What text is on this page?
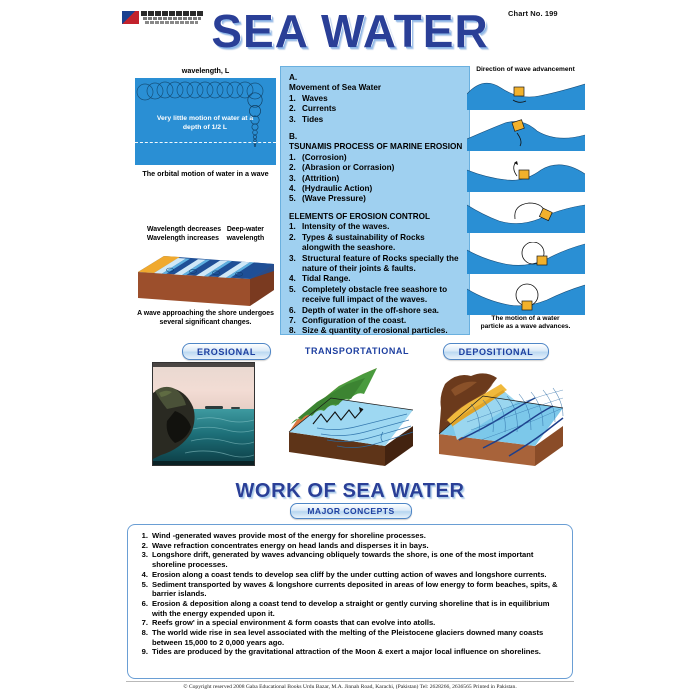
Chart No. 199
SEA WATER
wavelength, L
Very little motion of water at a depth of 1/2 L
The orbital motion of water in a wave
Wavelength decreases Deep-water
Wavelength increases wavelength
A wave approaching the shore undergoes
several significant changes.
A.
Movement of Sea Water
1. Waves
2. Currents
3. Tides
B.
TSUNAMIS PROCESS OF MARINE EROSION
1. (Corrosion)
2. (Abrasion or Corrasion)
3. (Attrition)
4. (Hydraulic Action)
5. (Wave Pressure)
ELEMENTS OF EROSION CONTROL
1. Intensity of the waves.
2. Types & sustainability of Rocks alongwith the seashore.
3. Structural feature of Rocks specially the nature of their joints & faults.
4. Tidal Range.
5. Completely obstacle free seashore to receive full impact of the waves.
6. Depth of water in the off-shore sea.
7. Configuration of the coast.
8. Size & quantity of erosional particles.
Direction of wave advancement
The motion of a water
particle as a wave advances.
EROSIONAL	TRANSPORTATIONAL	DEPOSITIONAL
WORK OF SEA WATER
MAJOR CONCEPTS
1. Wind -generated waves provide most of the energy for shoreline processes.
2. Wave refraction concentrates energy on head lands and disperses it in bays.
3. Longshore drift, generated by waves advancing obliquely towards the shore, is one of the most important shoreline processes.
4. Erosion along a coast tends to develop sea cliff by the under cutting action of waves and longshore currents.
5. Sediment transported by waves & longshore currents deposited in areas of low energy to form beaches, spits, & barrier islands.
6. Erosion & deposition along a coast tend to develop a straight or gently curving shoreline that is in equilibrium with the energy expended upon it.
7. Reefs grow' in a special environment & form coasts that can evolve into atolls.
8. The world wide rise in sea level associated with the melting of the Pleistocene glaciers downed many coasts between 15,000 to 2 0,000 years ago.
9. Tides are produced by the gravitational attraction of the Moon & exert a major local influence on shorelines.
© Copyright reserved 2008 Gaba Educational Books Urdu Bazar, M.A. Jinnah Road, Karachi, (Pakistan) Tel: 2628266, 2636565 Printed in Pakistan.
